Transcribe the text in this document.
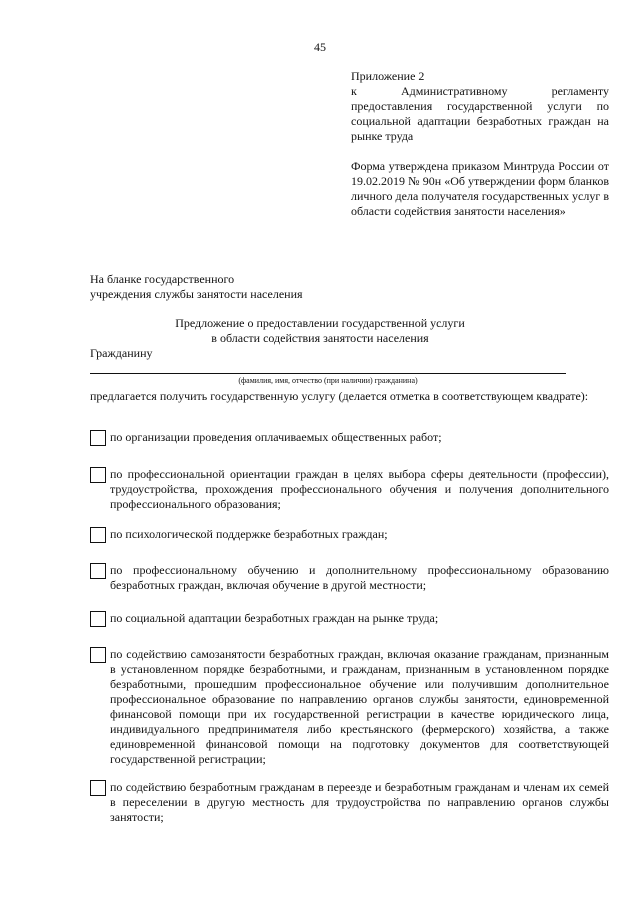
45

Приложение 2

к Административному регламенту предоставления государственной услуги по социальной адаптации безработных граждан на рынке труда

Форма утверждена приказом Минтруда России от 19.02.2019 № 90н «Об утверждении форм бланков личного дела получателя государственных услуг в области содействия занятости населения»

На бланке государственного
учреждения службы занятости населения
Предложение о предоставлении государственной услуги
в области содействия занятости населения
Гражданину
(фамилия, имя, отчество (при наличии) гражданина)
предлагается получить государственную услугу (делается отметка в соответствующем квадрате):

по организации проведения оплачиваемых общественных работ;

по профессиональной ориентации граждан в целях выбора сферы деятельности (профессии), трудоустройства, прохождения профессионального обучения и получения дополнительного профессионального образования;

по психологической поддержке безработных граждан;

по профессиональному обучению и дополнительному профессиональному образованию безработных граждан, включая обучение в другой местности;

по социальной адаптации безработных граждан на рынке труда;

по содействию самозанятости безработных граждан, включая оказание гражданам, признанным в установленном порядке безработными, и гражданам, признанным в установленном порядке безработными, прошедшим профессиональное обучение или получившим дополнительное профессиональное образование по направлению органов службы занятости, единовременной финансовой помощи при их государственной регистрации в качестве юридического лица, индивидуального предпринимателя либо крестьянского (фермерского) хозяйства, а также единовременной финансовой помощи на подготовку документов для соответствующей государственной регистрации;

по содействию безработным гражданам в переезде и безработным гражданам и членам их семей в переселении в другую местность для трудоустройства по направлению органов службы занятости;
